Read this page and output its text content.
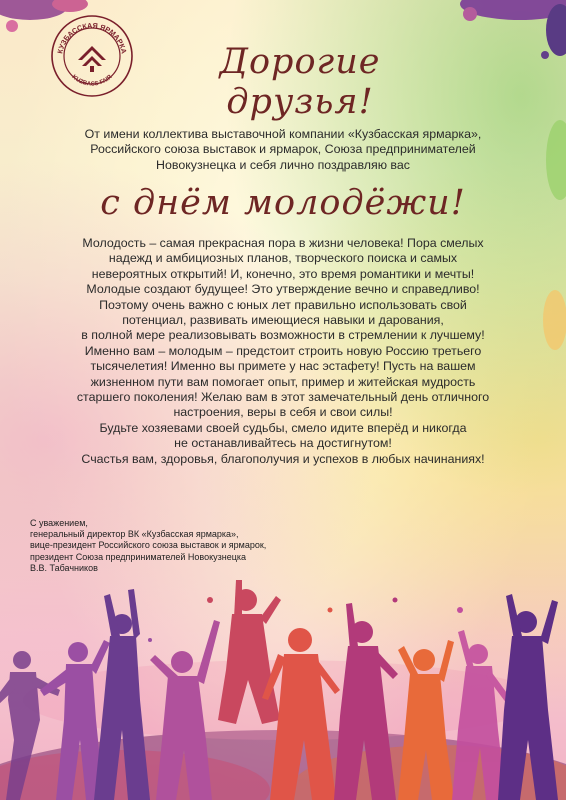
КУЗБАССКАЯ ЯРМАРКА
KUZBASS FAIR	Дорогие друзья!
От имени коллектива выставочной компании «Кузбасская ярмарка»,
Российского союза выставок и ярмарок, Союза предпринимателей
Новокузнецка и себя лично поздравляю вас
с днём молодёжи!
Молодость – самая прекрасная пора в жизни человека! Пора смелых
надежд и амбициозных планов, творческого поиска и самых
невероятных открытий! И, конечно, это время романтики и мечты!
Молодые создают будущее! Это утверждение вечно и справедливо!
Поэтому очень важно с юных лет правильно использовать свой
потенциал, развивать имеющиеся навыки и дарования,
в полной мере реализовывать возможности в стремлении к лучшему!
Именно вам – молодым – предстоит строить новую Россию третьего
тысячелетия! Именно вы примете у нас эстафету! Пусть на вашем
жизненном пути вам помогает опыт, пример и житейская мудрость
старшего поколения! Желаю вам в этот замечательный день отличного
настроения, веры в себя и свои силы!
Будьте хозяевами своей судьбы, смело идите вперёд и никогда
не останавливайтесь на достигнутом!
Счастья вам, здоровья, благополучия и успехов в любых начинаниях!
С уважением,
генеральный директор ВК «Кузбасская ярмарка»,
вице-президент Российского союза выставок и ярмарок,
президент Союза предпринимателей Новокузнецка
В.В. Табачников
